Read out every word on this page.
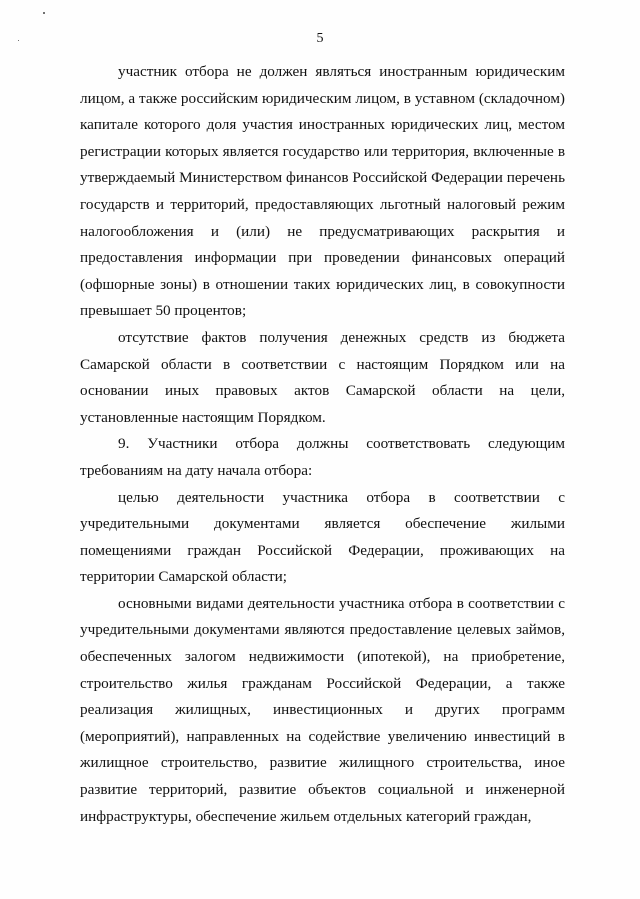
5

участник отбора не должен являться иностранным юридическим лицом, а также российским юридическим лицом, в уставном (складочном) капитале которого доля участия иностранных юридических лиц, местом регистрации которых является государство или территория, включенные в утверждаемый Министерством финансов Российской Федерации перечень государств и территорий, предоставляющих льготный налоговый режим налогообложения и (или) не предусматривающих раскрытия и предоставления информации при проведении финансовых операций (офшорные зоны) в отношении таких юридических лиц, в совокупности превышает 50 процентов;

отсутствие фактов получения денежных средств из бюджета Самарской области в соответствии с настоящим Порядком или на основании иных правовых актов Самарской области на цели, установленные настоящим Порядком.

9. Участники отбора должны соответствовать следующим требованиям на дату начала отбора:

целью деятельности участника отбора в соответствии с учредительными документами является обеспечение жилыми помещениями граждан Российской Федерации, проживающих на территории Самарской области;

основными видами деятельности участника отбора в соответствии с учредительными документами являются предоставление целевых займов, обеспеченных залогом недвижимости (ипотекой), на приобретение, строительство жилья гражданам Российской Федерации, а также реализация жилищных, инвестиционных и других программ (мероприятий), направленных на содействие увеличению инвестиций в жилищное строительство, развитие жилищного строительства, иное развитие территорий, развитие объектов социальной и инженерной инфраструктуры, обеспечение жильем отдельных категорий граждан,
